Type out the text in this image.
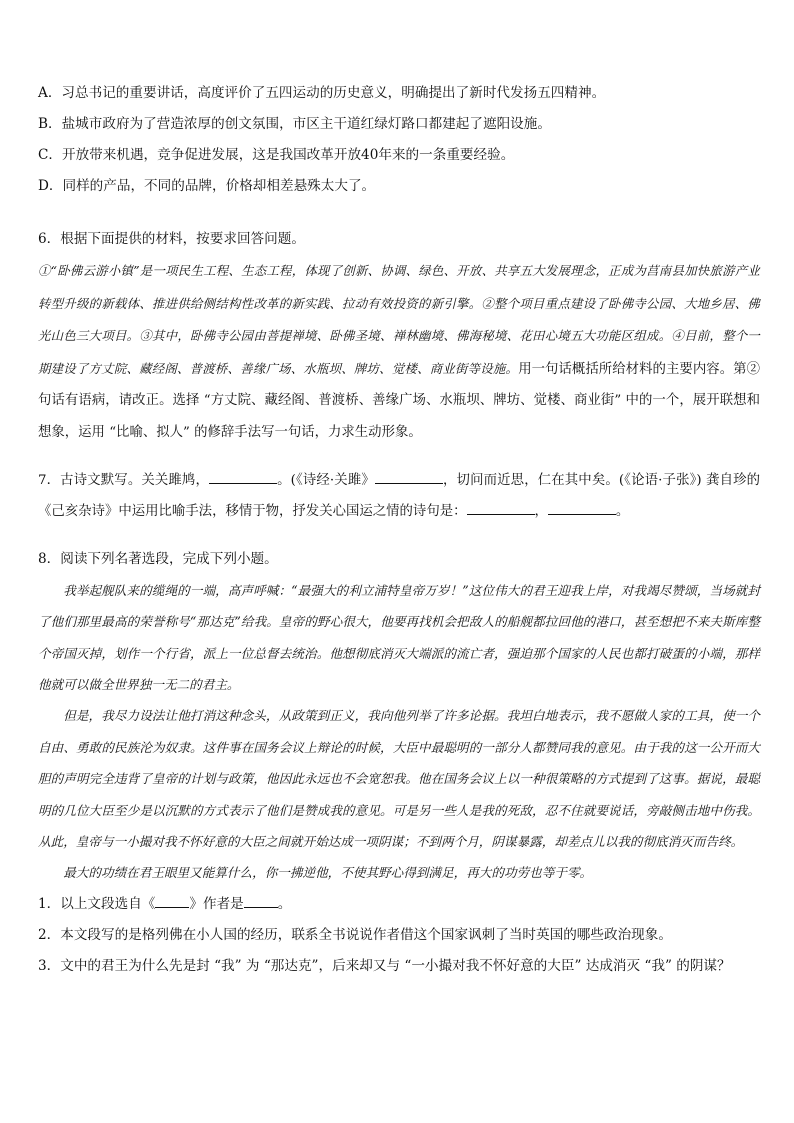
A．习总书记的重要讲话，高度评价了五四运动的历史意义，明确提出了新时代发扬五四精神。
B．盐城市政府为了营造浓厚的创文氛围，市区主干道红绿灯路口都建起了遮阳设施。
C．开放带来机遇，竞争促进发展，这是我国改革开放40年来的一条重要经验。
D．同样的产品，不同的品牌，价格却相差悬殊太大了。
6．根据下面提供的材料，按要求回答问题。
①“卧佛云游小镇”是一项民生工程、生态工程，体现了创新、协调、绿色、开放、共享五大发展理念，正成为莒南县加快旅游产业转型升级的新载体、推进供给侧结构性改革的新实践、拉动有效投资的新引擎。②整个项目重点建设了卧佛寺公园、大地乡居、佛光山色三大项目。③其中，卧佛寺公园由菩提禅境、卧佛圣境、禅林幽境、佛海秘境、花田心境五大功能区组成。④目前，整个一期建设了方丈院、藏经阁、普渡桥、善缘广场、水瓶坝、牌坊、觉楼、商业街等设施。用一句话概括所给材料的主要内容。第②句话有语病，请改正。选择 “方丈院、藏经阁、普渡桥、善缘广场、水瓶坝、牌坊、觉楼、商业街” 中的一个，展开联想和想象，运用 “比喻、拟人” 的修辞手法写一句话，力求生动形象。
7．古诗文默写。关关雎鸠，	。(《诗经·关雎》	，切问而近思，仁在其中矣。(《论语·子张》) 龚自珍的《己亥杂诗》中运用比喻手法，移情于物，抒发关心国运之情的诗句是：	，	。
8．阅读下列名著选段，完成下列小题。
我举起舰队来的缆绳的一端，高声呼喊：“最强大的利立浦特皇帝万岁！”这位伟大的君王迎我上岸，对我竭尽赞颂，当场就封了他们那里最高的荣誉称号“那达克”给我。皇帝的野心很大，他要再找机会把敌人的船舰都拉回他的港口，甚至想把不来夫斯库整个帝国灭掉，划作一个行省，派上一位总督去统治。他想彻底消灭大端派的流亡者，强迫那个国家的人民也都打破蛋的小端，那样他就可以做全世界独一无二的君主。
但是，我尽力设法让他打消这种念头，从政策到正义，我向他列举了许多论据。我坦白地表示，我不愿做人家的工具，使一个自由、勇敢的民族沦为奴隶。这件事在国务会议上辩论的时候，大臣中最聪明的一部分人都赞同我的意见。由于我的这一公开而大胆的声明完全违背了皇帝的计划与政策，他因此永远也不会宽恕我。他在国务会议上以一种很策略的方式提到了这事。据说，最聪明的几位大臣至少是以沉默的方式表示了他们是赞成我的意见。可是另一些人是我的死敌，忍不住就要说话，旁敲侧击地中伤我。从此，皇帝与一小撮对我不怀好意的大臣之间就开始达成一项阴谋；不到两个月，阴谋暴露，却差点儿以我的彻底消灭而告终。
最大的功绩在君王眼里又能算什么，你一拂逆他，不使其野心得到满足，再大的功劳也等于零。
1．以上文段选自《	》作者是	。
2．本文段写的是格列佛在小人国的经历，联系全书说说作者借这个国家讽刺了当时英国的哪些政治现象。
3．文中的君王为什么先是封 “我” 为 “那达克”，后来却又与 “一小撮对我不怀好意的大臣” 达成消灭 “我” 的阴谋？
